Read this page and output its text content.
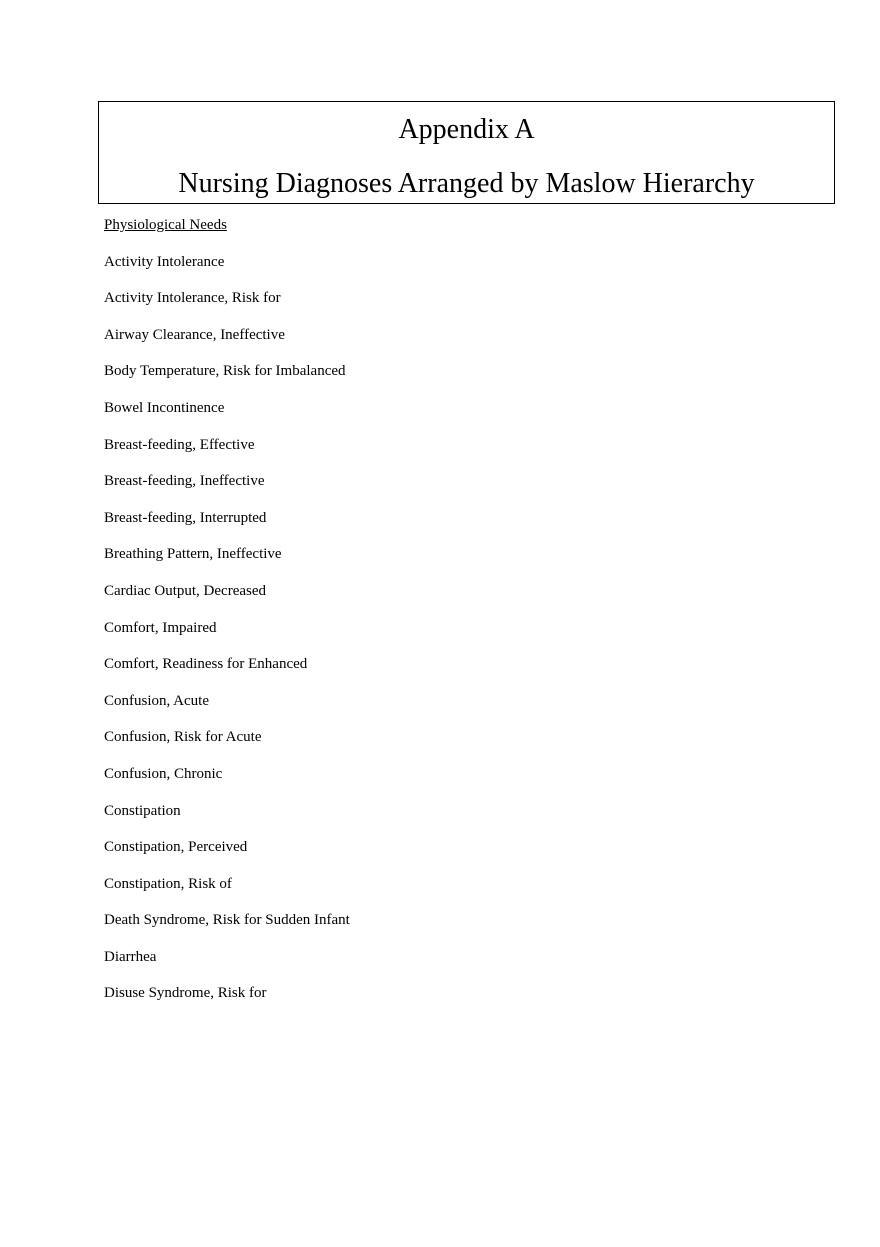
Appendix A
Nursing Diagnoses Arranged by Maslow Hierarchy
Physiological Needs
Activity Intolerance
Activity Intolerance, Risk for
Airway Clearance, Ineffective
Body Temperature, Risk for Imbalanced
Bowel Incontinence
Breast-feeding, Effective
Breast-feeding, Ineffective
Breast-feeding, Interrupted
Breathing Pattern, Ineffective
Cardiac Output, Decreased
Comfort, Impaired
Comfort, Readiness for Enhanced
Confusion, Acute
Confusion, Risk for Acute
Confusion, Chronic
Constipation
Constipation, Perceived
Constipation, Risk of
Death Syndrome, Risk for Sudden Infant
Diarrhea
Disuse Syndrome, Risk for
